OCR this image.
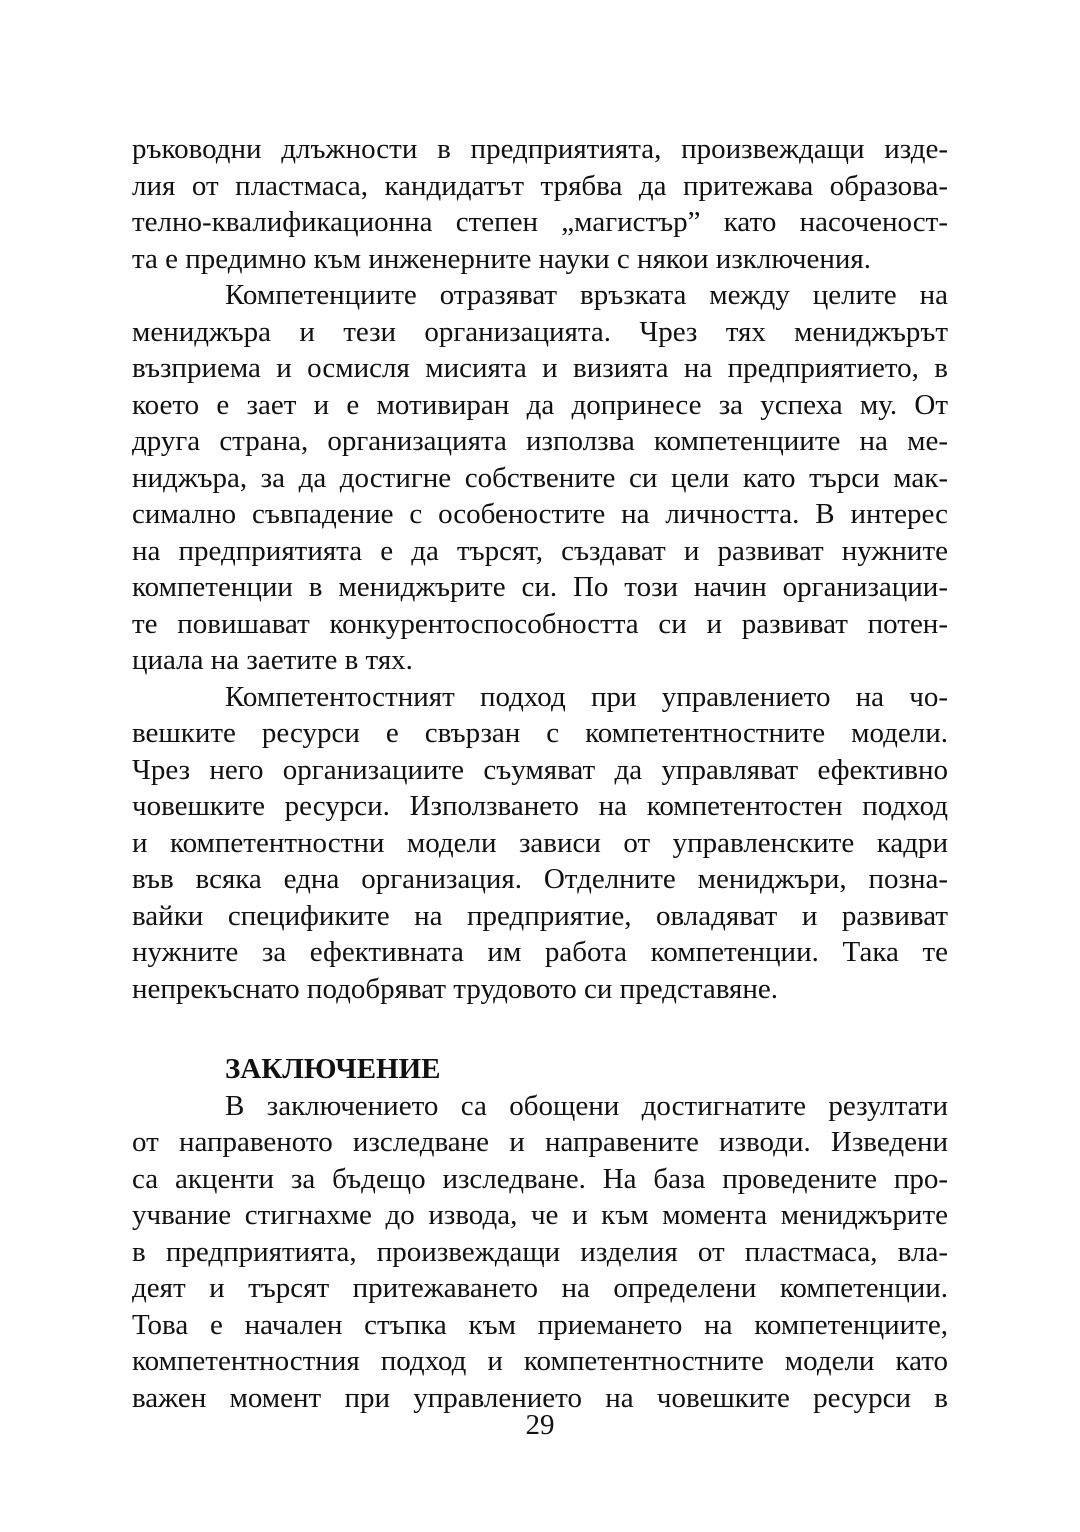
ръководни длъжности в предприятията, произвеждащи изде-
лия от пластмаса, кандидатът трябва да притежава образова-
телно-квалификационна степен „магистър” като насоченост-
та е предимно към инженерните науки с някои изключения.
Компетенциите отразяват връзката между целите на
мениджъра и тези организацията. Чрез тях мениджърът
възприема и осмисля мисията и визията на предприятието, в
което е зает и е мотивиран да допринесе за успеха му. От
друга страна, организацията използва компетенциите на ме-
ниджъра, за да достигне собствените си цели като търси мак-
симално съвпадение с особеностите на личността. В интерес
на предприятията е да търсят, създават и развиват нужните
компетенции в мениджърите си. По този начин организации-
те повишават конкурентоспособността си и развиват потен-
циала на заетите в тях.
Компетентостният подход при управлението на чо-
вешките ресурси е свързан с компетентностните модели.
Чрез него организациите съумяват да управляват ефективно
човешките ресурси. Използването на компетентостен подход
и компетентностни модели зависи от управленските кадри
във всяка една организация. Отделните мениджъри, позна-
вайки спецификите на предприятие, овладяват и развиват
нужните за ефективната им работа компетенции. Така те
непрекъснато подобряват трудовото си представяне.
ЗАКЛЮЧЕНИЕ
В заключението са обощени достигнатите резултати
от направеното изследване и направените изводи. Изведени
са акценти за бъдещо изследване. На база проведените про-
учвание стигнахме до извода, че и към момента мениджърите
в предприятията, произвеждащи изделия от пластмаса, вла-
деят и търсят притежаването на определени компетенции.
Това е начален стъпка към приемането на компетенциите,
компетентностния подход и компетентностните модели като
важен момент при управлението на човешките ресурси в
29
